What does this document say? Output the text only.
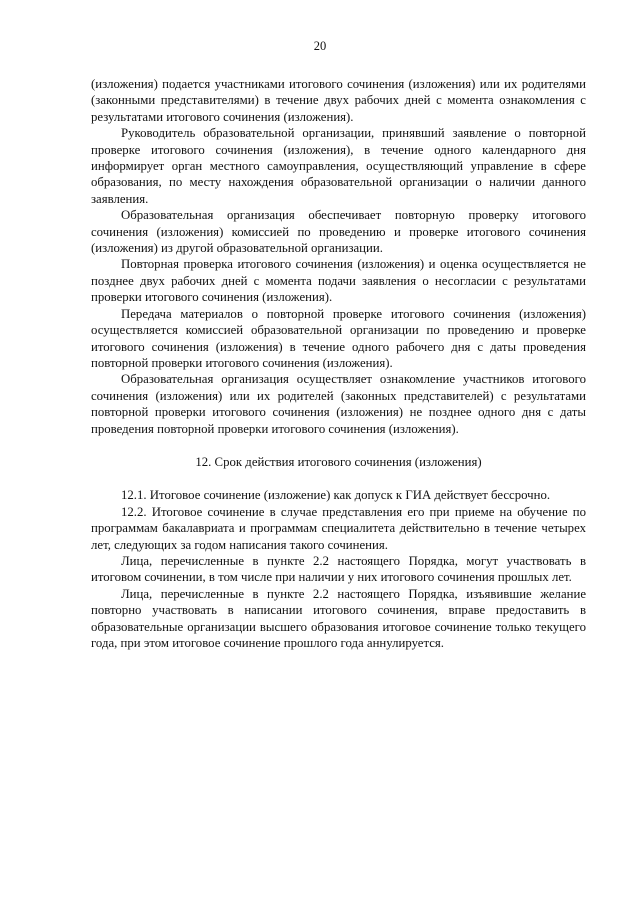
20

(изложения) подается участниками итогового сочинения (изложения) или их родителями (законными представителями) в течение двух рабочих дней с момента ознакомления с результатами итогового сочинения (изложения).

Руководитель образовательной организации, принявший заявление о повторной проверке итогового сочинения (изложения), в течение одного календарного дня информирует орган местного самоуправления, осуществляющий управление в сфере образования, по месту нахождения образовательной организации о наличии данного заявления.

Образовательная организация обеспечивает повторную проверку итогового сочинения (изложения) комиссией по проведению и проверке итогового сочинения (изложения) из другой образовательной организации.

Повторная проверка итогового сочинения (изложения) и оценка осуществляется не позднее двух рабочих дней с момента подачи заявления о несогласии с результатами проверки итогового сочинения (изложения).

Передача материалов о повторной проверке итогового сочинения (изложения) осуществляется комиссией образовательной организации по проведению и проверке итогового сочинения (изложения) в течение одного рабочего дня с даты проведения повторной проверки итогового сочинения (изложения).

Образовательная организация осуществляет ознакомление участников итогового сочинения (изложения) или их родителей (законных представителей) с результатами повторной проверки итогового сочинения (изложения) не позднее одного дня с даты проведения повторной проверки итогового сочинения (изложения).

12. Срок действия итогового сочинения (изложения)

12.1. Итоговое сочинение (изложение) как допуск к ГИА действует бессрочно.

12.2. Итоговое сочинение в случае представления его при приеме на обучение по программам бакалавриата и программам специалитета действительно в течение четырех лет, следующих за годом написания такого сочинения.

Лица, перечисленные в пункте 2.2 настоящего Порядка, могут участвовать в итоговом сочинении, в том числе при наличии у них итогового сочинения прошлых лет.

Лица, перечисленные в пункте 2.2 настоящего Порядка, изъявившие желание повторно участвовать в написании итогового сочинения, вправе предоставить в образовательные организации высшего образования итоговое сочинение только текущего года, при этом итоговое сочинение прошлого года аннулируется.
